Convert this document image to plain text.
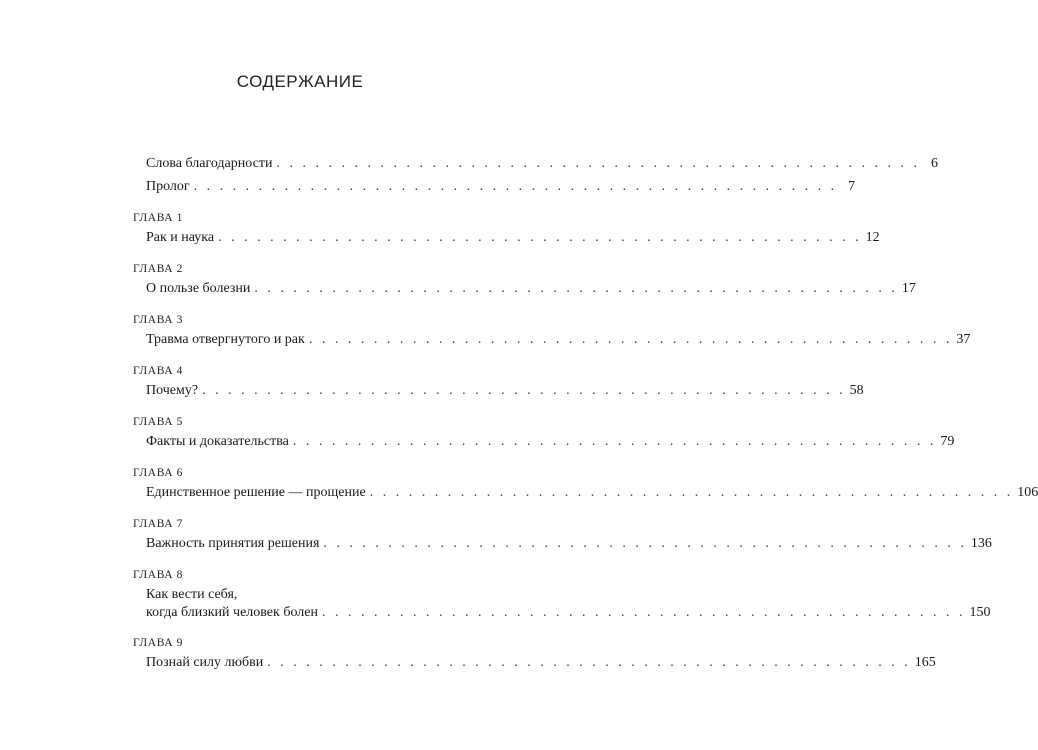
СОДЕРЖАНИЕ
Слова благодарности . . . . . . . . . . . . . . . . . . . . . . . . . . . . . . . . . . . . . . . . . . . . . . . . . . 6
Пролог . . . . . . . . . . . . . . . . . . . . . . . . . . . . . . . . . . . . . . . . . . . . . . . . . . 7
ГЛАВА 1
Рак и наука . . . . . . . . . . . . . . . . . . . . . . . . . . . . . . . . . . . . . . . . . . . . . . . . . . 12
ГЛАВА 2
О пользе болезни . . . . . . . . . . . . . . . . . . . . . . . . . . . . . . . . . . . . . . . . . . . . . . . . . . 17
ГЛАВА 3
Травма отвергнутого и рак . . . . . . . . . . . . . . . . . . . . . . . . . . . . . . . . . . . . . . . . . . . . . . . . . . 37
ГЛАВА 4
Почему? . . . . . . . . . . . . . . . . . . . . . . . . . . . . . . . . . . . . . . . . . . . . . . . . . . 58
ГЛАВА 5
Факты и доказательства . . . . . . . . . . . . . . . . . . . . . . . . . . . . . . . . . . . . . . . . . . . . . . . . . . 79
ГЛАВА 6
Единственное решение — прощение . . . . . . . . . . . . . . . . . . . . . . . . . . . . . . . . . . . . . . . . . . . . . . . . . . 106
ГЛАВА 7
Важность принятия решения . . . . . . . . . . . . . . . . . . . . . . . . . . . . . . . . . . . . . . . . . . . . . . . . . . 136
ГЛАВА 8
Как вести себя,
когда близкий человек болен . . . . . . . . . . . . . . . . . . . . . . . . . . . . . . . . . . . . . . . . . . . . . . . . . . 150
ГЛАВА 9
Познай силу любви . . . . . . . . . . . . . . . . . . . . . . . . . . . . . . . . . . . . . . . . . . . . . . . . . . 165
